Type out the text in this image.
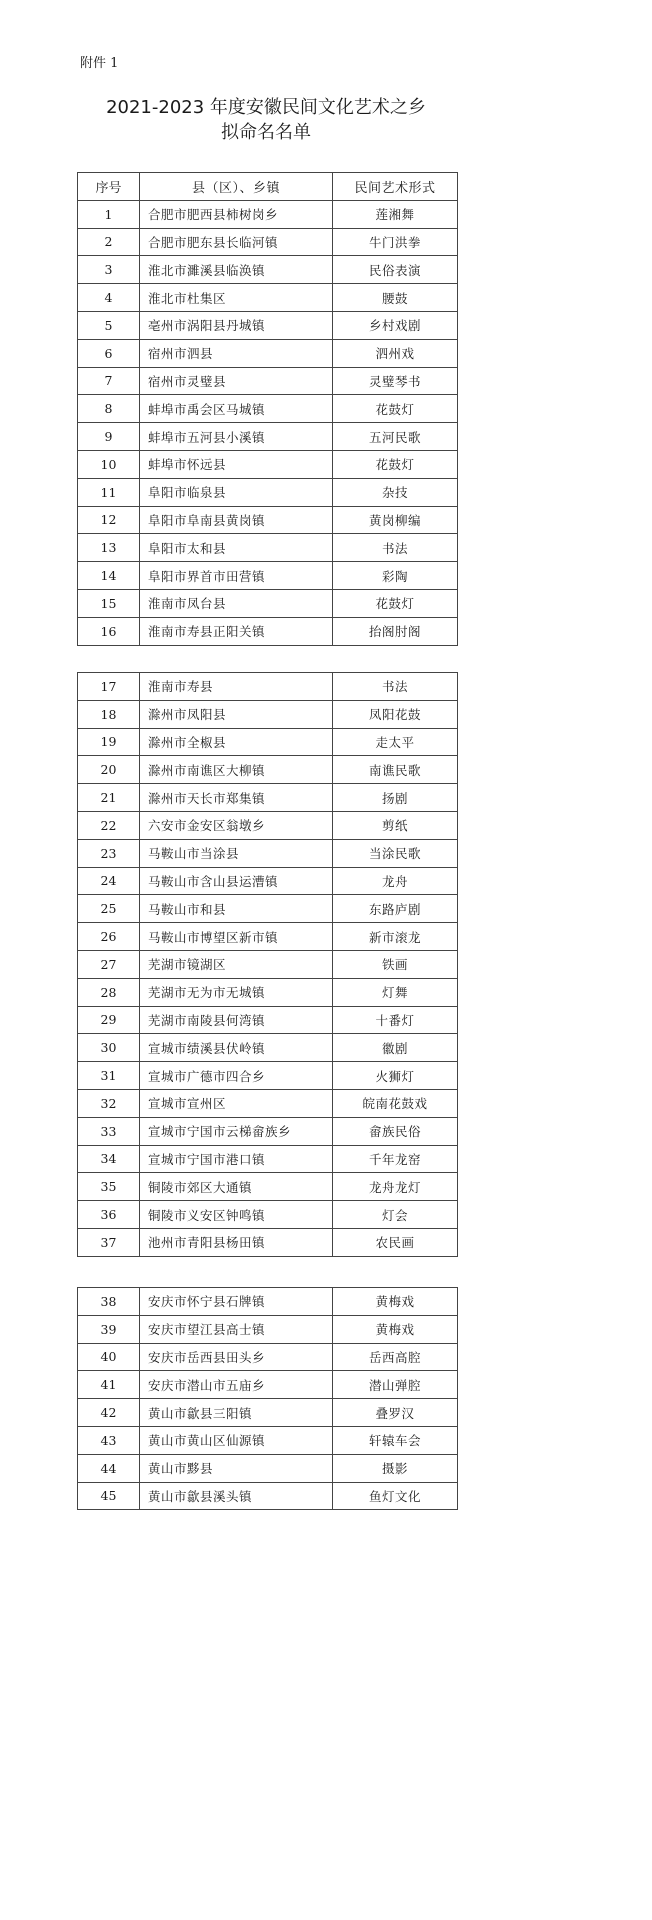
附件 1
2021-2023 年度安徽民间文化艺术之乡
拟命名名单
序号	县（区）、乡镇	民间艺术形式
1	合肥市肥西县柿树岗乡	莲湘舞
2	合肥市肥东县长临河镇	牛门洪拳
3	淮北市濉溪县临涣镇	民俗表演
4	淮北市杜集区	腰鼓
5	亳州市涡阳县丹城镇	乡村戏剧
6	宿州市泗县	泗州戏
7	宿州市灵璧县	灵璧琴书
8	蚌埠市禹会区马城镇	花鼓灯
9	蚌埠市五河县小溪镇	五河民歌
10	蚌埠市怀远县	花鼓灯
11	阜阳市临泉县	杂技
12	阜阳市阜南县黄岗镇	黄岗柳编
13	阜阳市太和县	书法
14	阜阳市界首市田营镇	彩陶
15	淮南市凤台县	花鼓灯
16	淮南市寿县正阳关镇	抬阁肘阁
17	淮南市寿县	书法
18	滁州市凤阳县	凤阳花鼓
19	滁州市全椒县	走太平
20	滁州市南谯区大柳镇	南谯民歌
21	滁州市天长市郑集镇	扬剧
22	六安市金安区翁墩乡	剪纸
23	马鞍山市当涂县	当涂民歌
24	马鞍山市含山县运漕镇	龙舟
25	马鞍山市和县	东路庐剧
26	马鞍山市博望区新市镇	新市滚龙
27	芜湖市镜湖区	铁画
28	芜湖市无为市无城镇	灯舞
29	芜湖市南陵县何湾镇	十番灯
30	宣城市绩溪县伏岭镇	徽剧
31	宣城市广德市四合乡	火狮灯
32	宣城市宣州区	皖南花鼓戏
33	宣城市宁国市云梯畲族乡	畲族民俗
34	宣城市宁国市港口镇	千年龙窑
35	铜陵市郊区大通镇	龙舟龙灯
36	铜陵市义安区钟鸣镇	灯会
37	池州市青阳县杨田镇	农民画
38	安庆市怀宁县石牌镇	黄梅戏
39	安庆市望江县高士镇	黄梅戏
40	安庆市岳西县田头乡	岳西高腔
41	安庆市潜山市五庙乡	潜山弹腔
42	黄山市歙县三阳镇	叠罗汉
43	黄山市黄山区仙源镇	轩辕车会
44	黄山市黟县	摄影
45	黄山市歙县溪头镇	鱼灯文化
